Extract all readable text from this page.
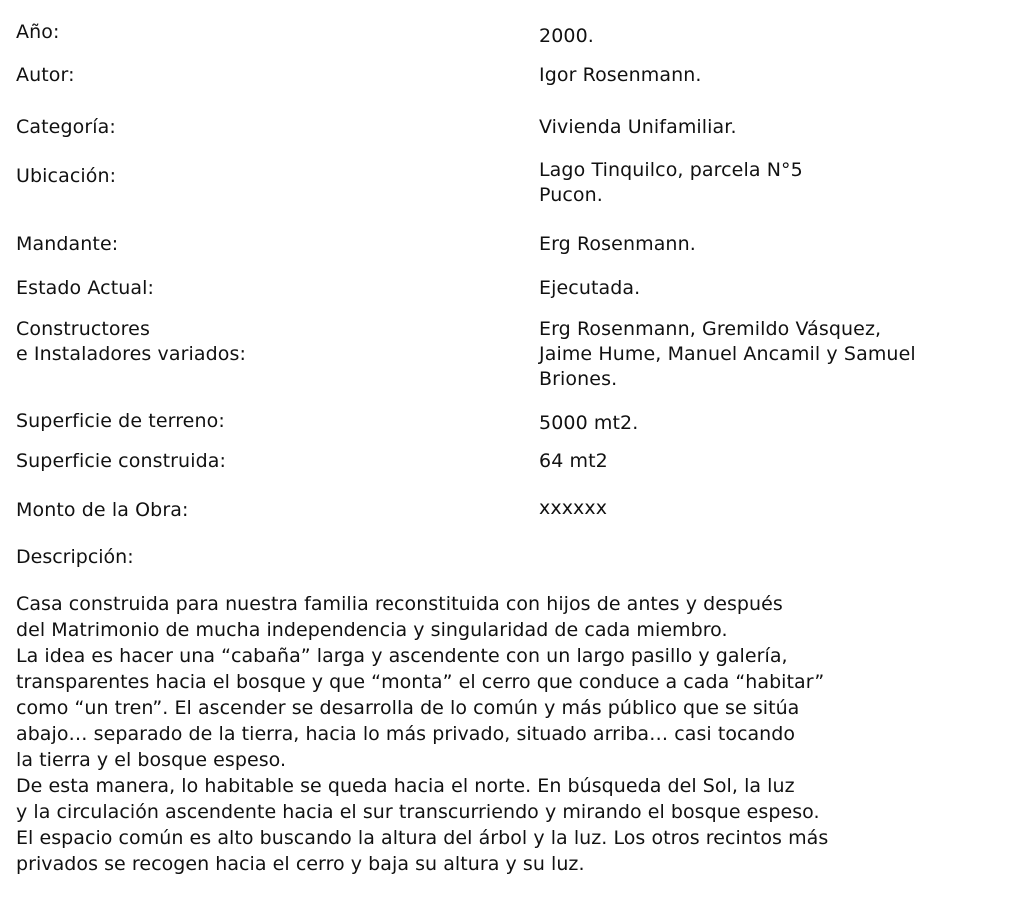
Año:	2000.
Autor:	Igor Rosenmann.
Categoría:	Vivienda Unifamiliar.
Ubicación:	Lago Tinquilco, parcela N°5
Pucon.
Mandante:	Erg Rosenmann.
Estado Actual:	Ejecutada.
Constructores
e Instaladores variados:
Erg Rosenmann, Gremildo Vásquez,
Jaime Hume, Manuel Ancamil y Samuel
Briones.
Superficie de terreno:	5000 mt2.
Superficie construida:	64 mt2
Monto de la Obra:	xxxxxx
Descripción:
Casa construida para nuestra familia reconstituida con hijos de antes y después
del Matrimonio de mucha independencia y singularidad de cada miembro.
La idea es hacer una “cabaña” larga y ascendente con un largo pasillo y galería,
transparentes hacia el bosque y que “monta” el cerro que conduce a cada “habitar”
como “un tren”. El ascender se desarrolla de lo común y más público que se sitúa
abajo… separado de la tierra, hacia lo más privado, situado arriba… casi tocando
la tierra y el bosque espeso.
De esta manera, lo habitable se queda hacia el norte. En búsqueda del Sol, la luz
y la circulación ascendente hacia el sur transcurriendo y mirando el bosque espeso.
El espacio común es alto buscando la altura del árbol y la luz. Los otros recintos más
privados se recogen hacia el cerro y baja su altura y su luz.
